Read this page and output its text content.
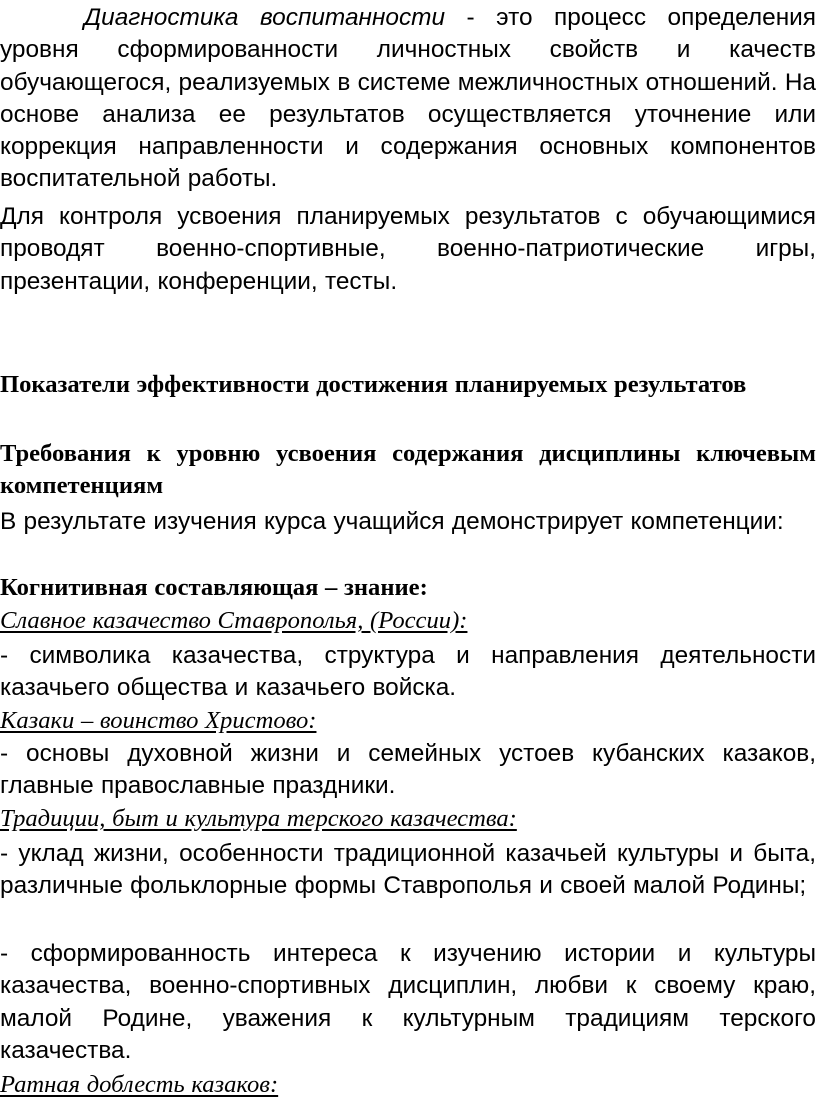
Диагностика воспитанности - это процесс определения уровня сформированности личностных свойств и качеств обучающегося, реализуемых в системе межличностных отношений. На основе анализа ее результатов осуществляется уточнение или коррекция направленности и содержания основных компонентов воспитательной работы.

Для контроля усвоения планируемых результатов с обучающимися проводят военно-спортивные, военно-патриотические игры, презентации, конференции, тесты.

Показатели эффективности достижения планируемых результатов

Требования к уровню усвоения содержания дисциплины ключевым компетенциям

В результате изучения курса учащийся демонстрирует компетенции:

Когнитивная составляющая – знание:

Славное казачество Ставрополья, (России):

- символика казачества, структура и направления деятельности казачьего общества и казачьего войска.

Казаки – воинство Христово:

- основы духовной жизни и семейных устоев кубанских казаков, главные православные праздники.

Традиции, быт и культура терского казачества:

- уклад жизни, особенности традиционной казачьей культуры и быта, различные фольклорные формы Ставрополья и своей малой Родины;

- сформированность интереса к изучению истории и культуры казачества, военно-спортивных дисциплин, любви к своему краю, малой Родине, уважения к культурным традициям терского казачества.

Ратная доблесть казаков:
